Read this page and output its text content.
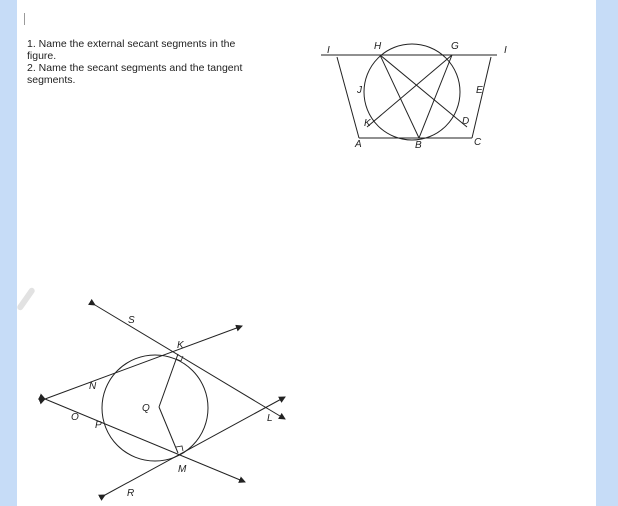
1. Name the external secant segments in the figure.

2. Name the secant segments and the tangent segments.

I	H	G	I
J	E
K	D
A	B	C
S
K
N
O
P
Q
L
M
R
